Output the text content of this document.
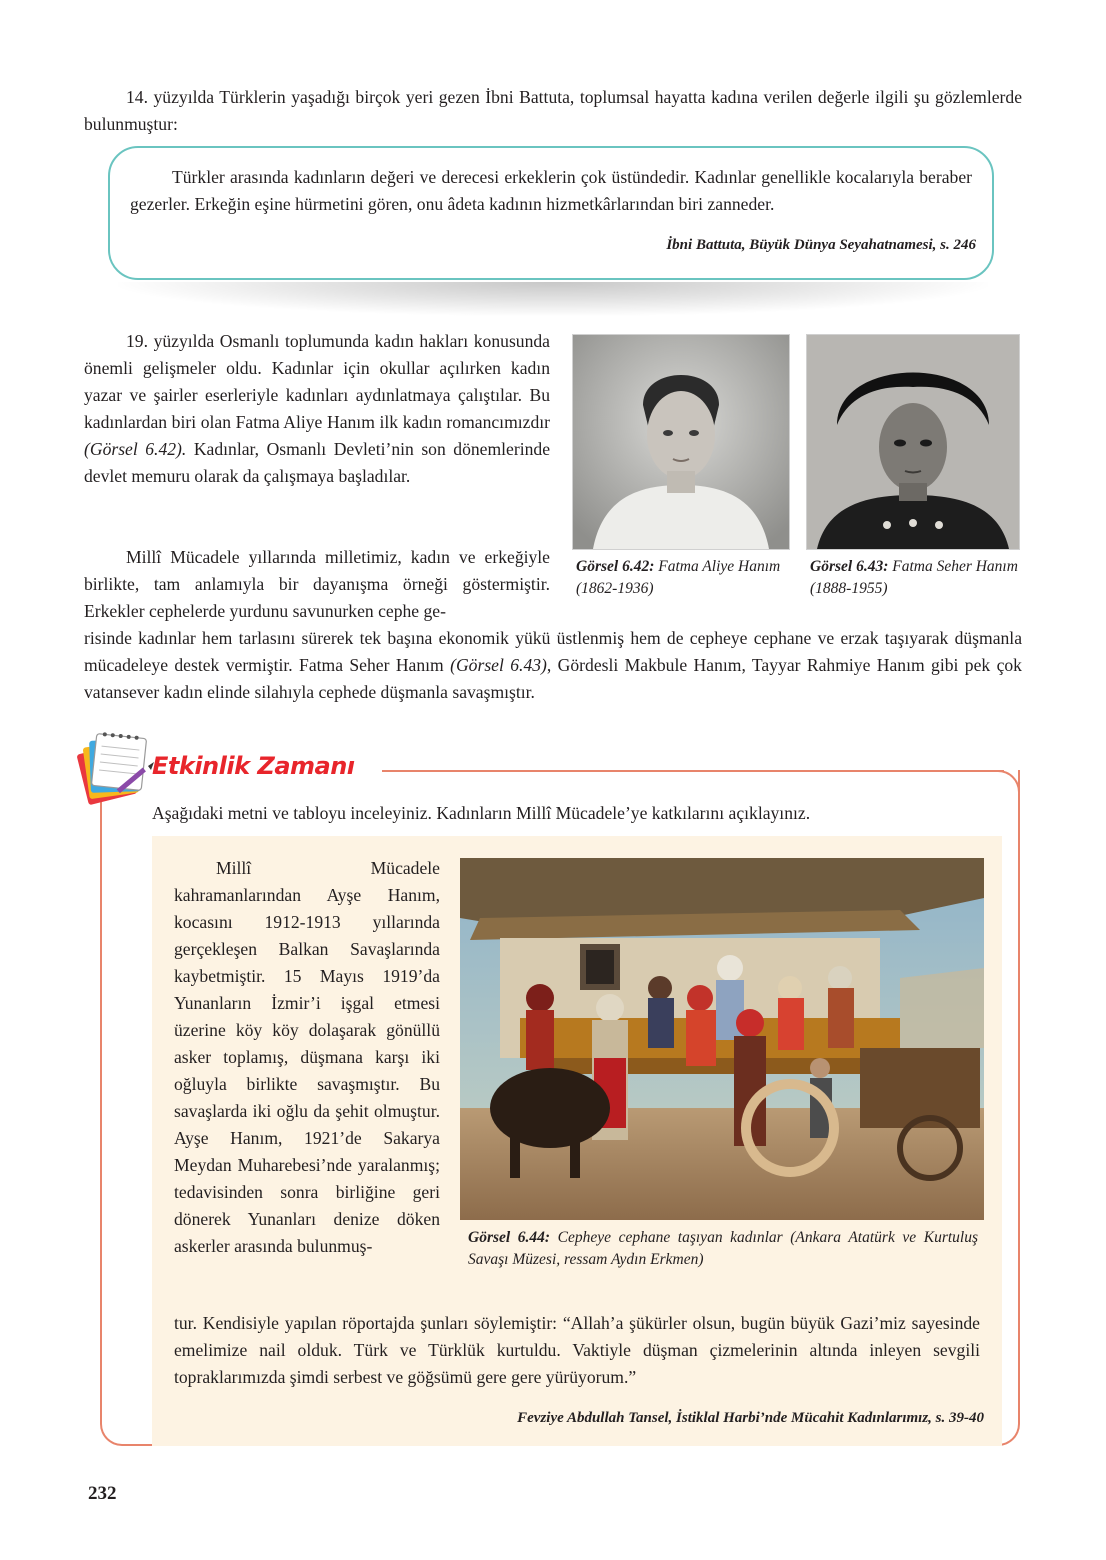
14. yüzyılda Türklerin yaşadığı birçok yeri gezen İbni Battuta, toplumsal hayatta kadına verilen değerle ilgili şu gözlemlerde bulunmuştur:

Türkler arasında kadınların değeri ve derecesi erkeklerin çok üstündedir. Kadınlar genellikle kocalarıyla beraber gezerler. Erkeğin eşine hürmetini gören, onu âdeta kadının hizmetkârlarından biri zanneder.

İbni Battuta, Büyük Dünya Seyahatnamesi, s. 246

19. yüzyılda Osmanlı toplumunda kadın hakları konusunda önemli gelişmeler oldu. Kadınlar için okullar açılırken kadın yazar ve şairler eserleriyle kadınları aydınlatmaya çalıştılar. Bu kadınlardan biri olan Fatma Aliye Hanım ilk kadın romancımızdır (Görsel 6.42). Kadınlar, Osmanlı Devleti’nin son dönemlerinde devlet memuru olarak da çalışmaya başladılar.

Millî Mücadele yıllarında milletimiz, kadın ve erkeğiyle birlikte, tam anlamıyla bir dayanışma örneği göstermiştir. Erkekler cephelerde yurdunu savunurken cephe ge-

risinde kadınlar hem tarlasını sürerek tek başına ekonomik yükü üstlenmiş hem de cepheye cephane ve erzak taşıyarak düşmanla mücadeleye destek vermiştir. Fatma Seher Hanım (Görsel 6.43), Gördesli Makbule Hanım, Tayyar Rahmiye Hanım gibi pek çok vatansever kadın elinde silahıyla cephede düşmanla savaşmıştır.

Görsel 6.42: Fatma Aliye Hanım (1862-1936)

Görsel 6.43: Fatma Seher Hanım (1888-1955)

Etkinlik Zamanı

Aşağıdaki metni ve tabloyu inceleyiniz. Kadınların Millî Mücadele’ye katkılarını açıklayınız.

Millî Mücadele kahramanlarından Ayşe Hanım, kocasını 1912-1913 yıllarında gerçekleşen Balkan Savaşlarında kaybetmiştir. 15 Mayıs 1919’da Yunanların İzmir’i işgal etmesi üzerine köy köy dolaşarak gönüllü asker toplamış, düşmana karşı iki oğluyla birlikte savaşmıştır. Bu savaşlarda iki oğlu da şehit olmuştur. Ayşe Hanım, 1921’de Sakarya Meydan Muharebesi’nde yaralanmış; tedavisinden sonra birliğine geri dönerek Yunanları denize döken askerler arasında bulunmuş-	Görsel 6.44: Cepheye cephane taşıyan kadınlar (Ankara Atatürk ve Kurtuluş Savaşı Müzesi, ressam Aydın Erkmen)

tur. Kendisiyle yapılan röportajda şunları söylemiştir: “Allah’a şükürler olsun, bugün büyük Gazi’miz sayesinde emelimize nail olduk. Türk ve Türklük kurtuldu. Vaktiyle düşman çizmelerinin altında inleyen sevgili topraklarımızda şimdi serbest ve göğsümü gere gere yürüyorum.”

Fevziye Abdullah Tansel, İstiklal Harbi’nde Mücahit Kadınlarımız, s. 39-40
232
